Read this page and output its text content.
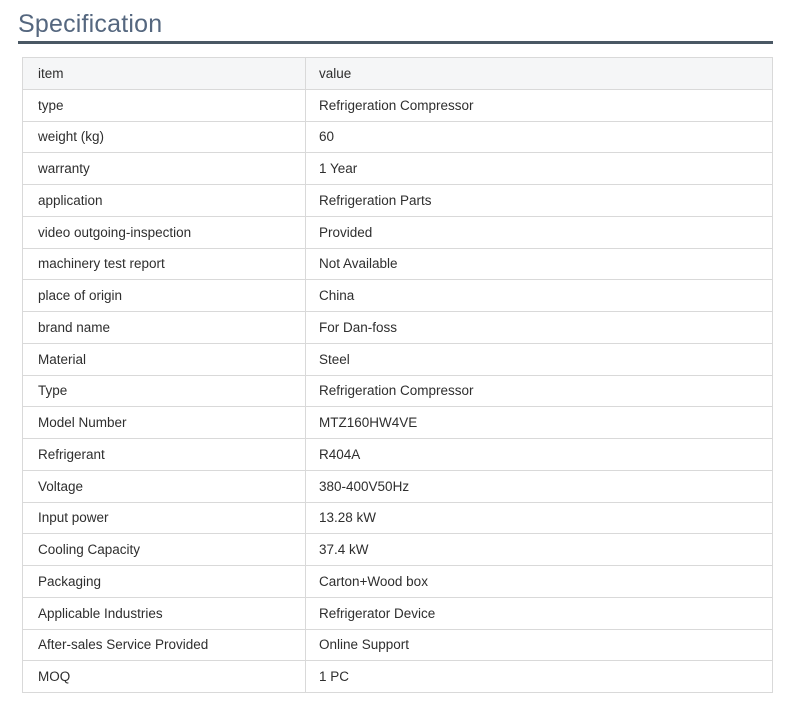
Specification
item	value
type	Refrigeration Compressor
weight (kg)	60
warranty	1 Year
application	Refrigeration Parts
video outgoing-inspection	Provided
machinery test report	Not Available
place of origin	China
brand name	For Dan-foss
Material	Steel
Type	Refrigeration Compressor
Model Number	MTZ160HW4VE
Refrigerant	R404A
Voltage	380-400V50Hz
Input power	13.28 kW
Cooling Capacity	37.4 kW
Packaging	Carton+Wood box
Applicable Industries	Refrigerator Device
After-sales Service Provided	Online Support
MOQ	1 PC
